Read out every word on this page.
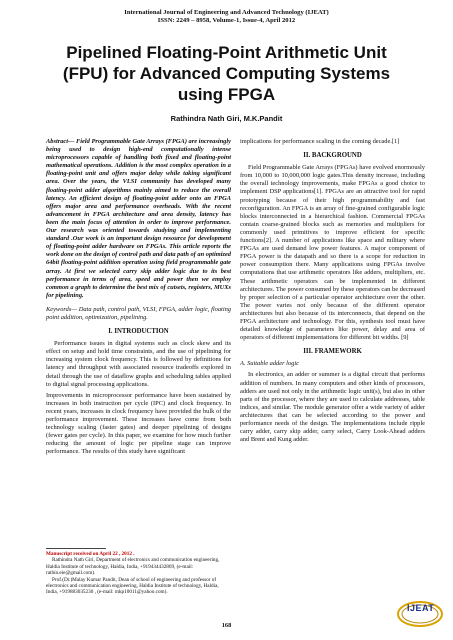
International Journal of Engineering and Advanced Technology (IJEAT)
ISSN: 2249 – 8958, Volume-1, Issue-4, April 2012
Pipelined Floating-Point Arithmetic Unit
(FPU) for Advanced Computing Systems
using FPGA
Rathindra Nath Giri, M.K.Pandit
Abstract— Field Programmable Gate Arrays (FPGA) are increasingly being used to design high-end computationally intense microprocessors capable of handling both fixed and floating-point mathematical operations. Addition is the most complex operation in a floating-point unit and offers major delay while taking significant area. Over the years, the VLSI community has developed many floating-point adder algorithms mainly aimed to reduce the overall latency. An efficient design of floating-point adder onto an FPGA offers major area and performance overheads. With the recent advancement in FPGA architecture and area density, latency has been the main focus of attention in order to improve performance. Our research was oriented towards studying and implementing standard .Our work is an important design resource for development of floating-point adder hardware on FPGAs. This article reports the work done on the design of control path and data path of an optimized 64bit floating-point addition operation using field programmable gate array. At first we selected carry skip adder logic due to its best performance in terms of area, speed and power then we employ common a graph to determine the best mix of cutsets, registers, MUXs for pipelining.
Keywords— Data path, control path, VLSI, FPGA, adder logic, floating point addition, optimization, pipelining.
I. INTRODUCTION

Performance issues in digital systems such as clock skew and its effect on setup and hold time constraints, and the use of pipelining for increasing system clock frequency. This is followed by definitions for latency and throughput with associated resource tradeoffs explored in detail through the use of dataflow graphs and scheduling tables applied to digital signal processing applications.

Improvements in microprocessor performance have been sustained by increases in both instruction per cycle (IPC) and clock frequency. In recent years, increases in clock frequency have provided the bulk of the performance improvement. These increases have come from both technology scaling (faster gates) and deeper pipelining of designs (fewer gates per cycle). In this paper, we examine for how much further reducing the amount of logic per pipeline stage can improve performance. The results of this study have significant

Manuscript received on April 22 , 2012 .
Rathindra Nath Giri, Department of electronics and communication engineering, Haldia Institute of technology, Haldia, India, +919434432869, (e-mail: rathin.eie@gmail.com).
Prof.(Dr.)Malay Kumar Pandit, Dean of school of engineering and professor of electronics and communication engineering, Haldia Institute of technology, Haldia, India, +919883035230 , (e-mail: mkp10011@yahoo.com).

implications for performance scaling in the coming decade.[1]

II. BACKGROUND

Field Programmable Gate Arrays (FPGAs) have evolved enormously from 10,000 to 10,000,000 logic gates.This density increase, including the overall technology improvements, make FPGAs a good choice to implement DSP applications[1]. FPGAs are an attractive tool for rapid prototyping because of their high programmability and fast reconfiguration. An FPGA is an array of fine-grained configurable logic blocks interconnected in a hierarchical fashion. Commercial FPGAs contain coarse-grained blocks such as memories and multipliers for commonly used primitives to improve efficient for specific functions[2]. A number of applications like space and military where FPGAs are used demand low power features. A major component of FPGA power is the datapath and so there is a scope for reduction in power consumption there. Many applications using FPGAs involve computations that use arithmetic operators like adders, multipliers, etc. These arithmetic operators can be implemented in different architectures. The power consumed by these operators can be decreased by proper selection of a particular operator architecture over the other. The power varies not only because of the different operator architectures but also because of its interconnects, that depend on the FPGA architecture and technology. For this, synthesis tool must have detailed knowledge of parameters like power, delay and area of operators of different implementations for different bit widths. [9]

III. FRAMEWORK
A. Suitable adder logic

In electronics, an adder or summer is a digital circuit that performs addition of numbers. In many computers and other kinds of processors, adders are used not only in the arithmetic logic unit(s), but also in other parts of the processor, where they are used to calculate addresses, table indices, and similar. The module generator offer a wide variety of adder architectures that can be selected according to the power and performance needs of the design. The implementations include ripple carry adder, carry skip adder, carry select, Carry Look-Ahead adders and Brent and Kung adder.

168
IJEAT
